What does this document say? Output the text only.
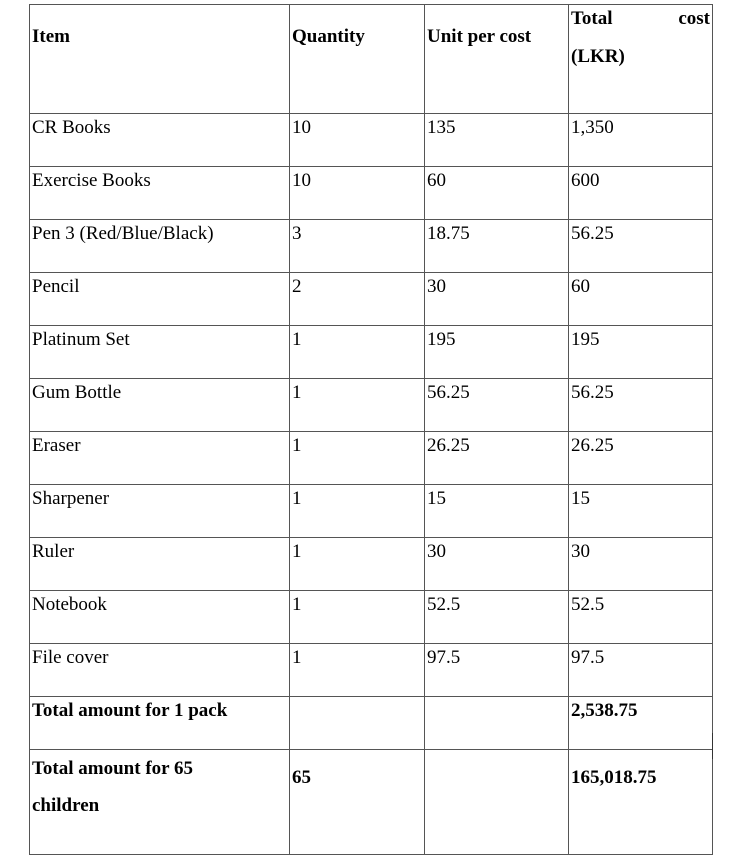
Item	Quantity	Unit per cost	Total cost
(LKR)

CR Books	10	135	1,350
Exercise Books	10	60	600
Pen 3 (Red/Blue/Black)	3	18.75	56.25
Pencil	2	30	60
Platinum Set	1	195	195
Gum Bottle	1	56.25	56.25
Eraser	1	26.25	26.25
Sharpener	1	15	15
Ruler	1	30	30
Notebook	1	52.5	52.5
File cover	1	97.5	97.5
Total amount for 1 pack			2,538.75

Total amount for 65
children	65		165,018.75
